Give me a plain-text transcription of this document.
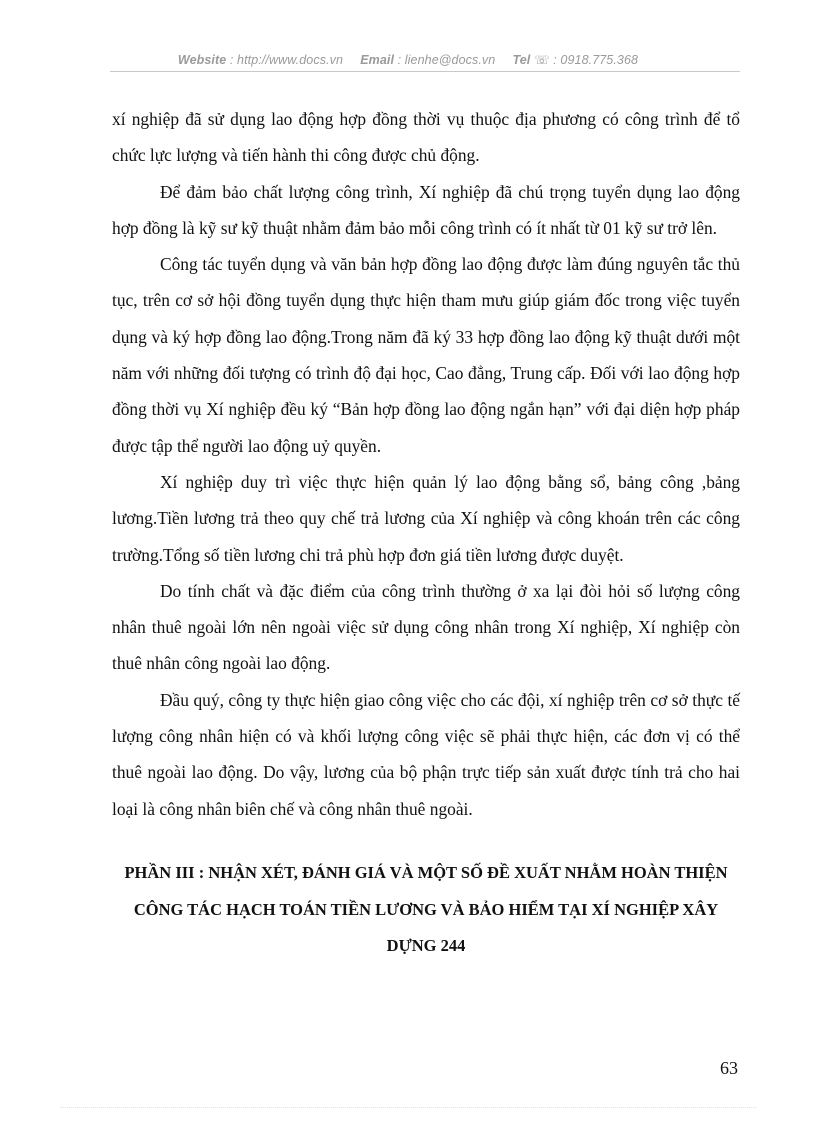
Website : http://www.docs.vn Email : lienhe@docs.vn Tel ☏ : 0918.775.368

xí nghiệp đã sử dụng lao động hợp đồng thời vụ thuộc địa phương có công trình để tổ chức lực lượng và tiến hành thi công được chủ động.

Để đảm bảo chất lượng công trình, Xí nghiệp đã chú trọng tuyển dụng lao động hợp đồng là kỹ sư kỹ thuật nhằm đảm bảo mỗi công trình có ít nhất từ 01 kỹ sư trở lên.

Công tác tuyển dụng và văn bản hợp đồng lao động được làm đúng nguyên tắc thủ tục, trên cơ sở hội đồng tuyển dụng thực hiện tham mưu giúp giám đốc trong việc tuyển dụng và ký hợp đồng lao động.Trong năm đã ký 33 hợp đồng lao động kỹ thuật dưới một năm với những đối tượng có trình độ đại học, Cao đẳng, Trung cấp. Đối với lao động hợp đồng thời vụ Xí nghiệp đều ký “Bản hợp đồng lao động ngắn hạn” với đại diện hợp pháp được tập thể người lao động uỷ quyền.

Xí nghiệp duy trì việc thực hiện quản lý lao động bằng sổ, bảng công ,bảng lương.Tiền lương trả theo quy chế trả lương của Xí nghiệp và công khoán trên các công trường.Tổng số tiền lương chi trả phù hợp đơn giá tiền lương được duyệt.

Do tính chất và đặc điểm của công trình thường ở xa lại đòi hỏi số lượng công nhân thuê ngoài lớn nên ngoài việc sử dụng công nhân trong Xí nghiệp, Xí nghiệp còn thuê nhân công ngoài lao động.

Đầu quý, công ty thực hiện giao công việc cho các đội, xí nghiệp trên cơ sở thực tế lượng công nhân hiện có và khối lượng công việc sẽ phải thực hiện, các đơn vị có thể thuê ngoài lao động. Do vậy, lương của bộ phận trực tiếp sản xuất được tính trả cho hai loại là công nhân biên chế và công nhân thuê ngoài.

PHẦN III : NHẬN XÉT, ĐÁNH GIÁ VÀ MỘT SỐ ĐỀ XUẤT NHẰM HOÀN THIỆN CÔNG TÁC HẠCH TOÁN TIỀN LƯƠNG VÀ BẢO HIỂM TẠI XÍ NGHIỆP XÂY DỰNG 244
63
